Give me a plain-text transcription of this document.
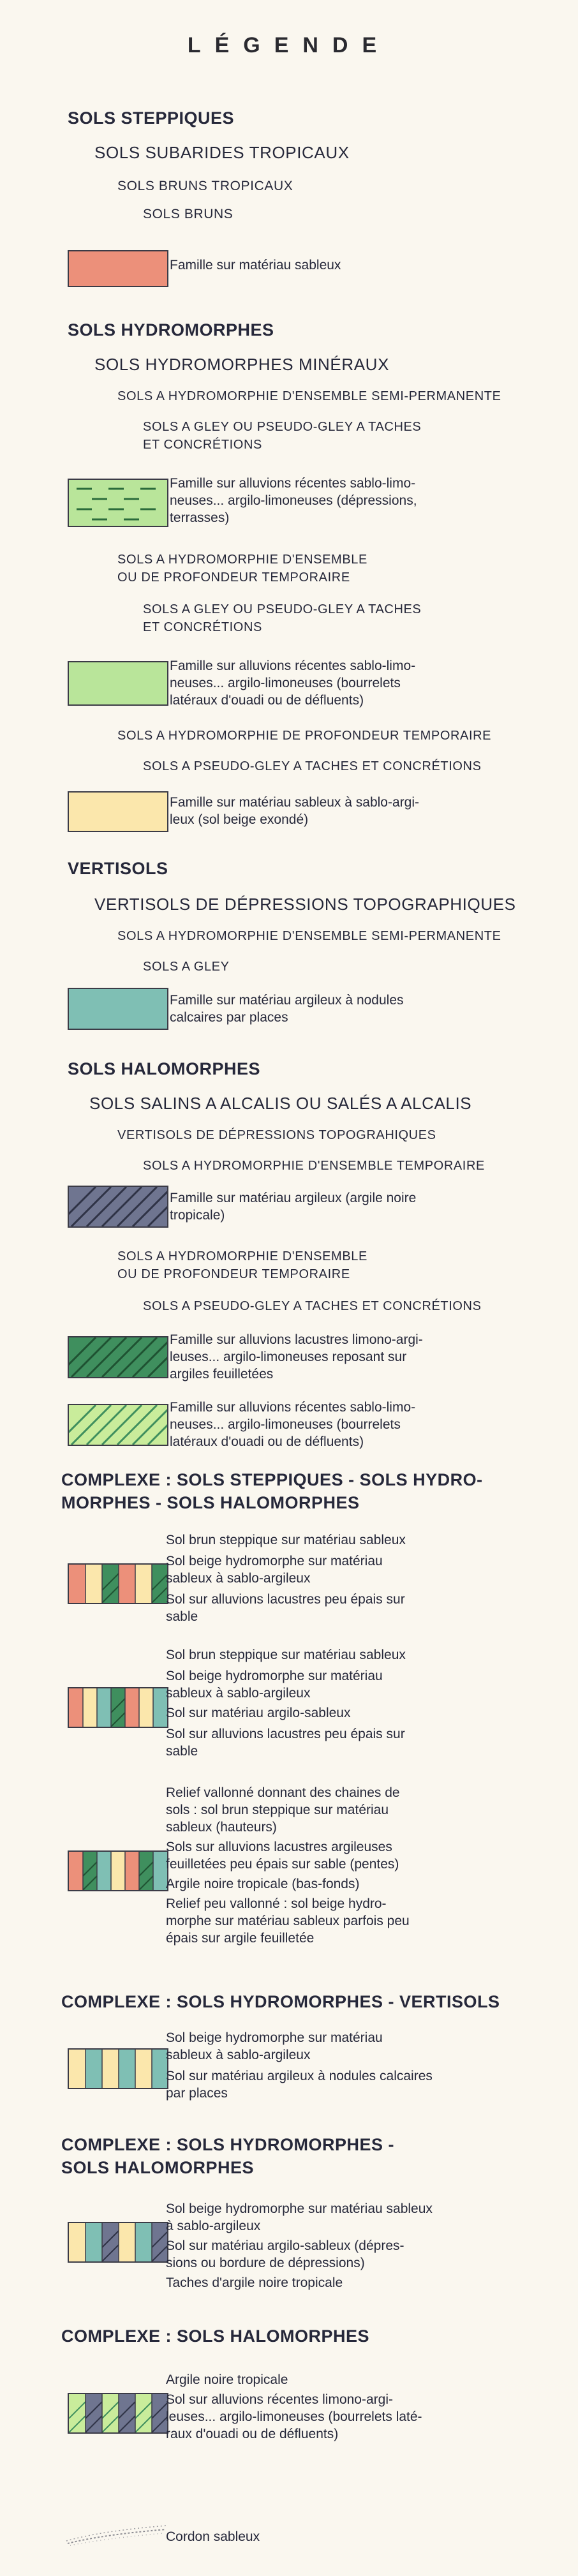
LÉGENDE
SOLS STEPPIQUES
SOLS SUBARIDES TROPICAUX
SOLS BRUNS TROPICAUX
SOLS BRUNS
Famille sur matériau sableux
SOLS HYDROMORPHES
SOLS HYDROMORPHES MINÉRAUX
SOLS A HYDROMORPHIE D'ENSEMBLE SEMI-PERMANENTE
SOLS A GLEY OU PSEUDO-GLEY A TACHES
ET CONCRÉTIONS
Famille sur alluvions récentes sablo-limo-
neuses... argilo-limoneuses (dépressions,
terrasses)
SOLS A HYDROMORPHIE D'ENSEMBLE
OU DE PROFONDEUR TEMPORAIRE
SOLS A GLEY OU PSEUDO-GLEY A TACHES
ET CONCRÉTIONS
Famille sur alluvions récentes sablo-limo-
neuses... argilo-limoneuses (bourrelets
latéraux d'ouadi ou de défluents)
SOLS A HYDROMORPHIE DE PROFONDEUR TEMPORAIRE
SOLS A PSEUDO-GLEY A TACHES ET CONCRÉTIONS
Famille sur matériau sableux à sablo-argi-
leux (sol beige exondé)
VERTISOLS
VERTISOLS DE DÉPRESSIONS TOPOGRAPHIQUES
SOLS A HYDROMORPHIE D'ENSEMBLE SEMI-PERMANENTE
SOLS A GLEY
Famille sur matériau argileux à nodules
calcaires par places
SOLS HALOMORPHES
SOLS SALINS A ALCALIS OU SALÉS A ALCALIS
VERTISOLS DE DÉPRESSIONS TOPOGRAHIQUES
SOLS A HYDROMORPHIE D'ENSEMBLE TEMPORAIRE
Famille sur matériau argileux (argile noire
tropicale)
SOLS A HYDROMORPHIE D'ENSEMBLE
OU DE PROFONDEUR TEMPORAIRE
SOLS A PSEUDO-GLEY A TACHES ET CONCRÉTIONS
Famille sur alluvions lacustres limono-argi-
leuses... argilo-limoneuses reposant sur
argiles feuilletées
Famille sur alluvions récentes sablo-limo-
neuses... argilo-limoneuses (bourrelets
latéraux d'ouadi ou de défluents)
COMPLEXE : SOLS STEPPIQUES - SOLS HYDRO-
MORPHES - SOLS HALOMORPHES
Sol brun steppique sur matériau sableux
Sol beige hydromorphe sur matériau
sableux à sablo-argileux
Sol sur alluvions lacustres peu épais sur
sable
Sol brun steppique sur matériau sableux
Sol beige hydromorphe sur matériau
sableux à sablo-argileux
Sol sur matériau argilo-sableux
Sol sur alluvions lacustres peu épais sur
sable
Relief vallonné donnant des chaines de
sols : sol brun steppique sur matériau
sableux (hauteurs)
Sols sur alluvions lacustres argileuses
feuilletées peu épais sur sable (pentes)
Argile noire tropicale (bas-fonds)
Relief peu vallonné : sol beige hydro-
morphe sur matériau sableux parfois peu
épais sur argile feuilletée
COMPLEXE : SOLS HYDROMORPHES - VERTISOLS
Sol beige hydromorphe sur matériau
sableux à sablo-argileux
Sol sur matériau argileux à nodules calcaires
par places
COMPLEXE : SOLS HYDROMORPHES -
SOLS HALOMORPHES
Sol beige hydromorphe sur matériau sableux
à sablo-argileux
Sol sur matériau argilo-sableux (dépres-
sions ou bordure de dépressions)
Taches d'argile noire tropicale
COMPLEXE : SOLS HALOMORPHES
Argile noire tropicale
Sol sur alluvions récentes limono-argi-
leuses... argilo-limoneuses (bourrelets laté-
raux d'ouadi ou de défluents)
Cordon sableux
